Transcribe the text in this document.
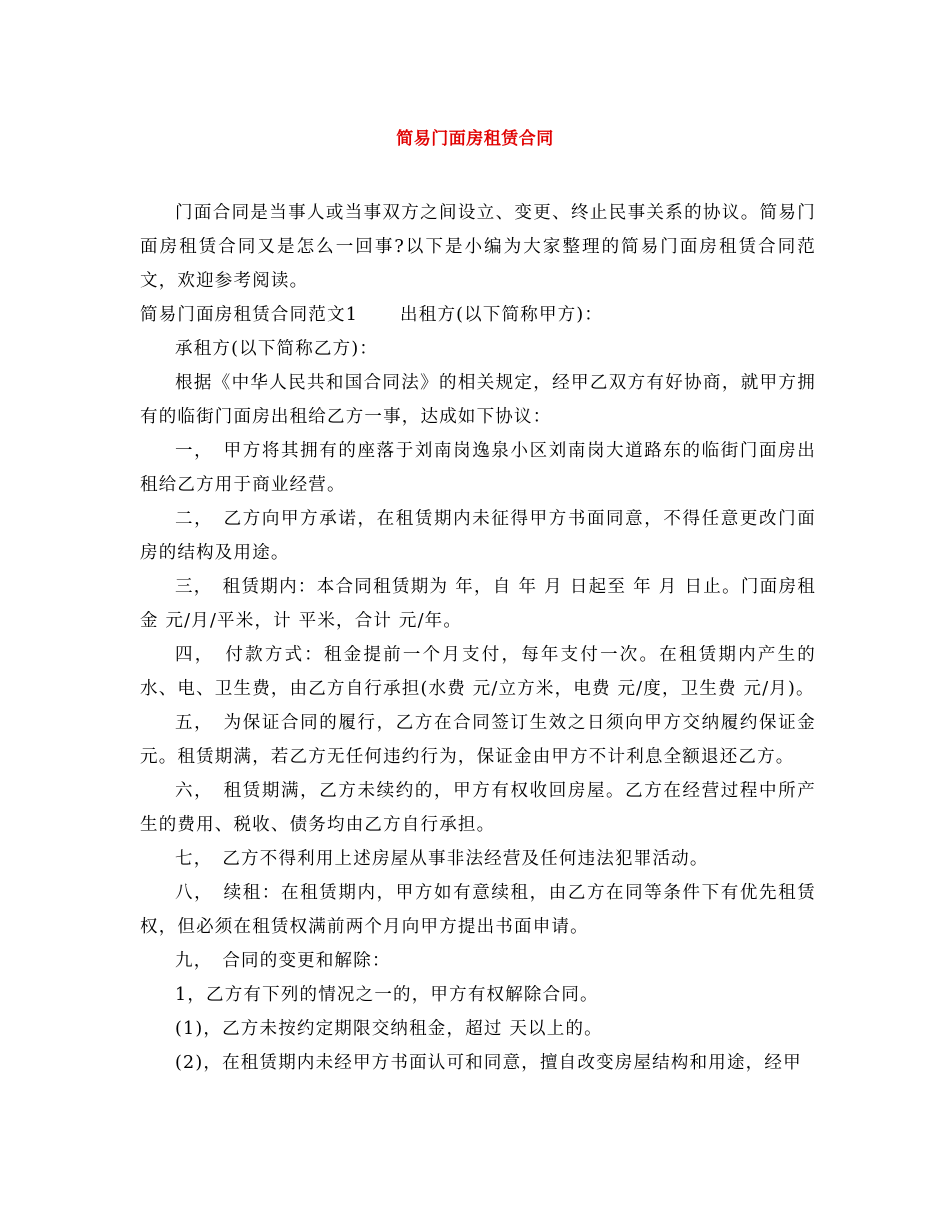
简易门面房租赁合同

门面合同是当事人或当事双方之间设立、变更、终止民事关系的协议。简易门面房租赁合同又是怎么一回事?以下是小编为大家整理的简易门面房租赁合同范文，欢迎参考阅读。

简易门面房租赁合同范文1 出租方(以下简称甲方)：

承租方(以下简称乙方)：

根据《中华人民共和国合同法》的相关规定，经甲乙双方有好协商，就甲方拥有的临街门面房出租给乙方一事，达成如下协议：

一，　甲方将其拥有的座落于刘南岗逸泉小区刘南岗大道路东的临街门面房出租给乙方用于商业经营。

二，　乙方向甲方承诺，在租赁期内未征得甲方书面同意，不得任意更改门面房的结构及用途。

三，　租赁期内：本合同租赁期为 年，自 年 月 日起至 年 月 日止。门面房租金 元/月/平米，计 平米，合计 元/年。

四，　付款方式：租金提前一个月支付，每年支付一次。在租赁期内产生的水、电、卫生费，由乙方自行承担(水费 元/立方米，电费 元/度，卫生费 元/月)。

五，　为保证合同的履行，乙方在合同签订生效之日须向甲方交纳履约保证金 元。租赁期满，若乙方无任何违约行为，保证金由甲方不计利息全额退还乙方。

六，　租赁期满，乙方未续约的，甲方有权收回房屋。乙方在经营过程中所产生的费用、税收、债务均由乙方自行承担。

七，　乙方不得利用上述房屋从事非法经营及任何违法犯罪活动。

八，　续租：在租赁期内，甲方如有意续租，由乙方在同等条件下有优先租赁权，但必须在租赁权满前两个月向甲方提出书面申请。

九，　合同的变更和解除：

1，乙方有下列的情况之一的，甲方有权解除合同。

(1)，乙方未按约定期限交纳租金，超过 天以上的。

(2)，在租赁期内未经甲方书面认可和同意，擅自改变房屋结构和用途，经甲
